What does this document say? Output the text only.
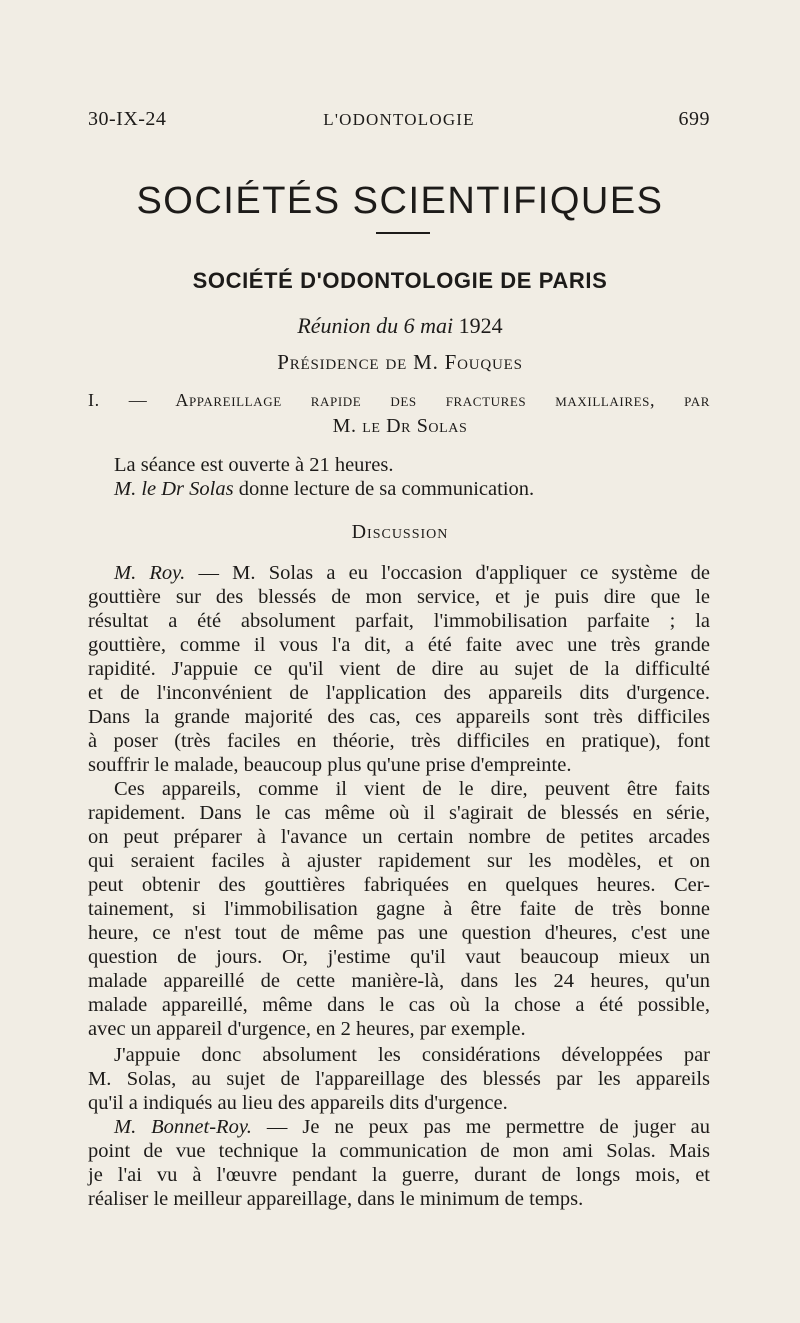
30-IX-24	L'ODONTOLOGIE	699
SOCIÉTÉS SCIENTIFIQUES
SOCIÉTÉ D'ODONTOLOGIE DE PARIS
Réunion du 6 mai 1924
Présidence de M. Fouques
I. — Appareillage rapide des fractures maxillaires, par
M. le Dr Solas
La séance est ouverte à 21 heures.
M. le Dr Solas donne lecture de sa communication.
Discussion
M. Roy. — M. Solas a eu l'occasion d'appliquer ce système de
gouttière sur des blessés de mon service, et je puis dire que le
résultat a été absolument parfait, l'immobilisation parfaite ; la
gouttière, comme il vous l'a dit, a été faite avec une très grande
rapidité. J'appuie ce qu'il vient de dire au sujet de la difficulté
et de l'inconvénient de l'application des appareils dits d'urgence.
Dans la grande majorité des cas, ces appareils sont très difficiles
à poser (très faciles en théorie, très difficiles en pratique), font
souffrir le malade, beaucoup plus qu'une prise d'empreinte.
Ces appareils, comme il vient de le dire, peuvent être faits
rapidement. Dans le cas même où il s'agirait de blessés en série,
on peut préparer à l'avance un certain nombre de petites arcades
qui seraient faciles à ajuster rapidement sur les modèles, et on
peut obtenir des gouttières fabriquées en quelques heures. Cer-
tainement, si l'immobilisation gagne à être faite de très bonne
heure, ce n'est tout de même pas une question d'heures, c'est une
question de jours. Or, j'estime qu'il vaut beaucoup mieux un
malade appareillé de cette manière-là, dans les 24 heures, qu'un
malade appareillé, même dans le cas où la chose a été possible,
avec un appareil d'urgence, en 2 heures, par exemple.
J'appuie donc absolument les considérations développées par
M. Solas, au sujet de l'appareillage des blessés par les appareils
qu'il a indiqués au lieu des appareils dits d'urgence.
M. Bonnet-Roy. — Je ne peux pas me permettre de juger au
point de vue technique la communication de mon ami Solas. Mais
je l'ai vu à l'œuvre pendant la guerre, durant de longs mois, et
réaliser le meilleur appareillage, dans le minimum de temps.
